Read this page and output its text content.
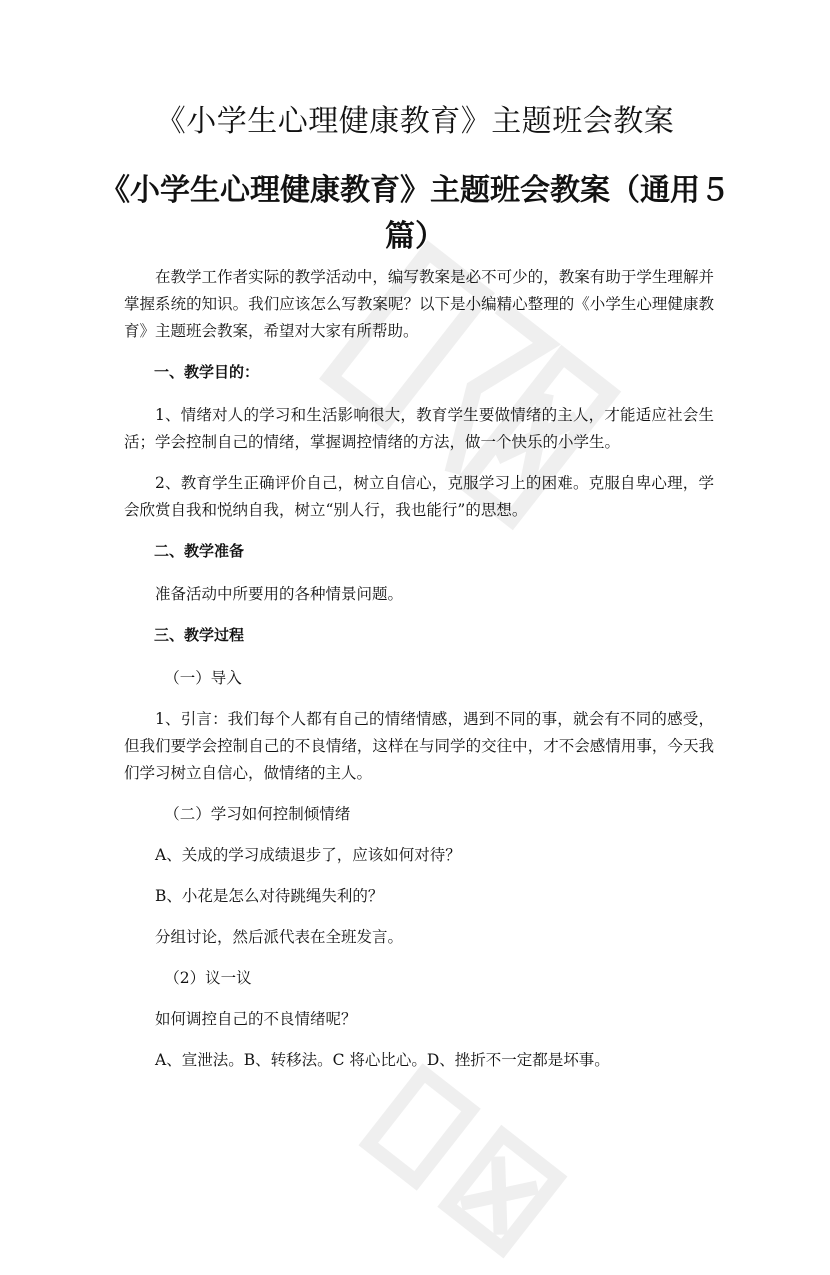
《小学生心理健康教育》主题班会教案
《小学生心理健康教育》主题班会教案（通用５篇）

在教学工作者实际的教学活动中，编写教案是必不可少的，教案有助于学生理解并掌握系统的知识。我们应该怎么写教案呢？以下是小编精心整理的《小学生心理健康教育》主题班会教案，希望对大家有所帮助。

一、教学目的：

1、情绪对人的学习和生活影响很大，教育学生要做情绪的主人，才能适应社会生活；学会控制自己的情绪，掌握调控情绪的方法，做一个快乐的小学生。

2、教育学生正确评价自己，树立自信心，克服学习上的困难。克服自卑心理，学会欣赏自我和悦纳自我，树立“别人行，我也能行”的思想。

二、教学准备

准备活动中所要用的各种情景问题。

三、教学过程

（一）导入

1、引言：我们每个人都有自己的情绪情感，遇到不同的事，就会有不同的感受，但我们要学会控制自己的不良情绪，这样在与同学的交往中，才不会感情用事，今天我们学习树立自信心，做情绪的主人。

（二）学习如何控制倾情绪

A、关成的学习成绩退步了，应该如何对待？

B、小花是怎么对待跳绳失利的？

分组讨论，然后派代表在全班发言。

（2）议一议

如何调控自己的不良情绪呢？

A、宣泄法。B、转移法。C 将心比心。D、挫折不一定都是坏事。
